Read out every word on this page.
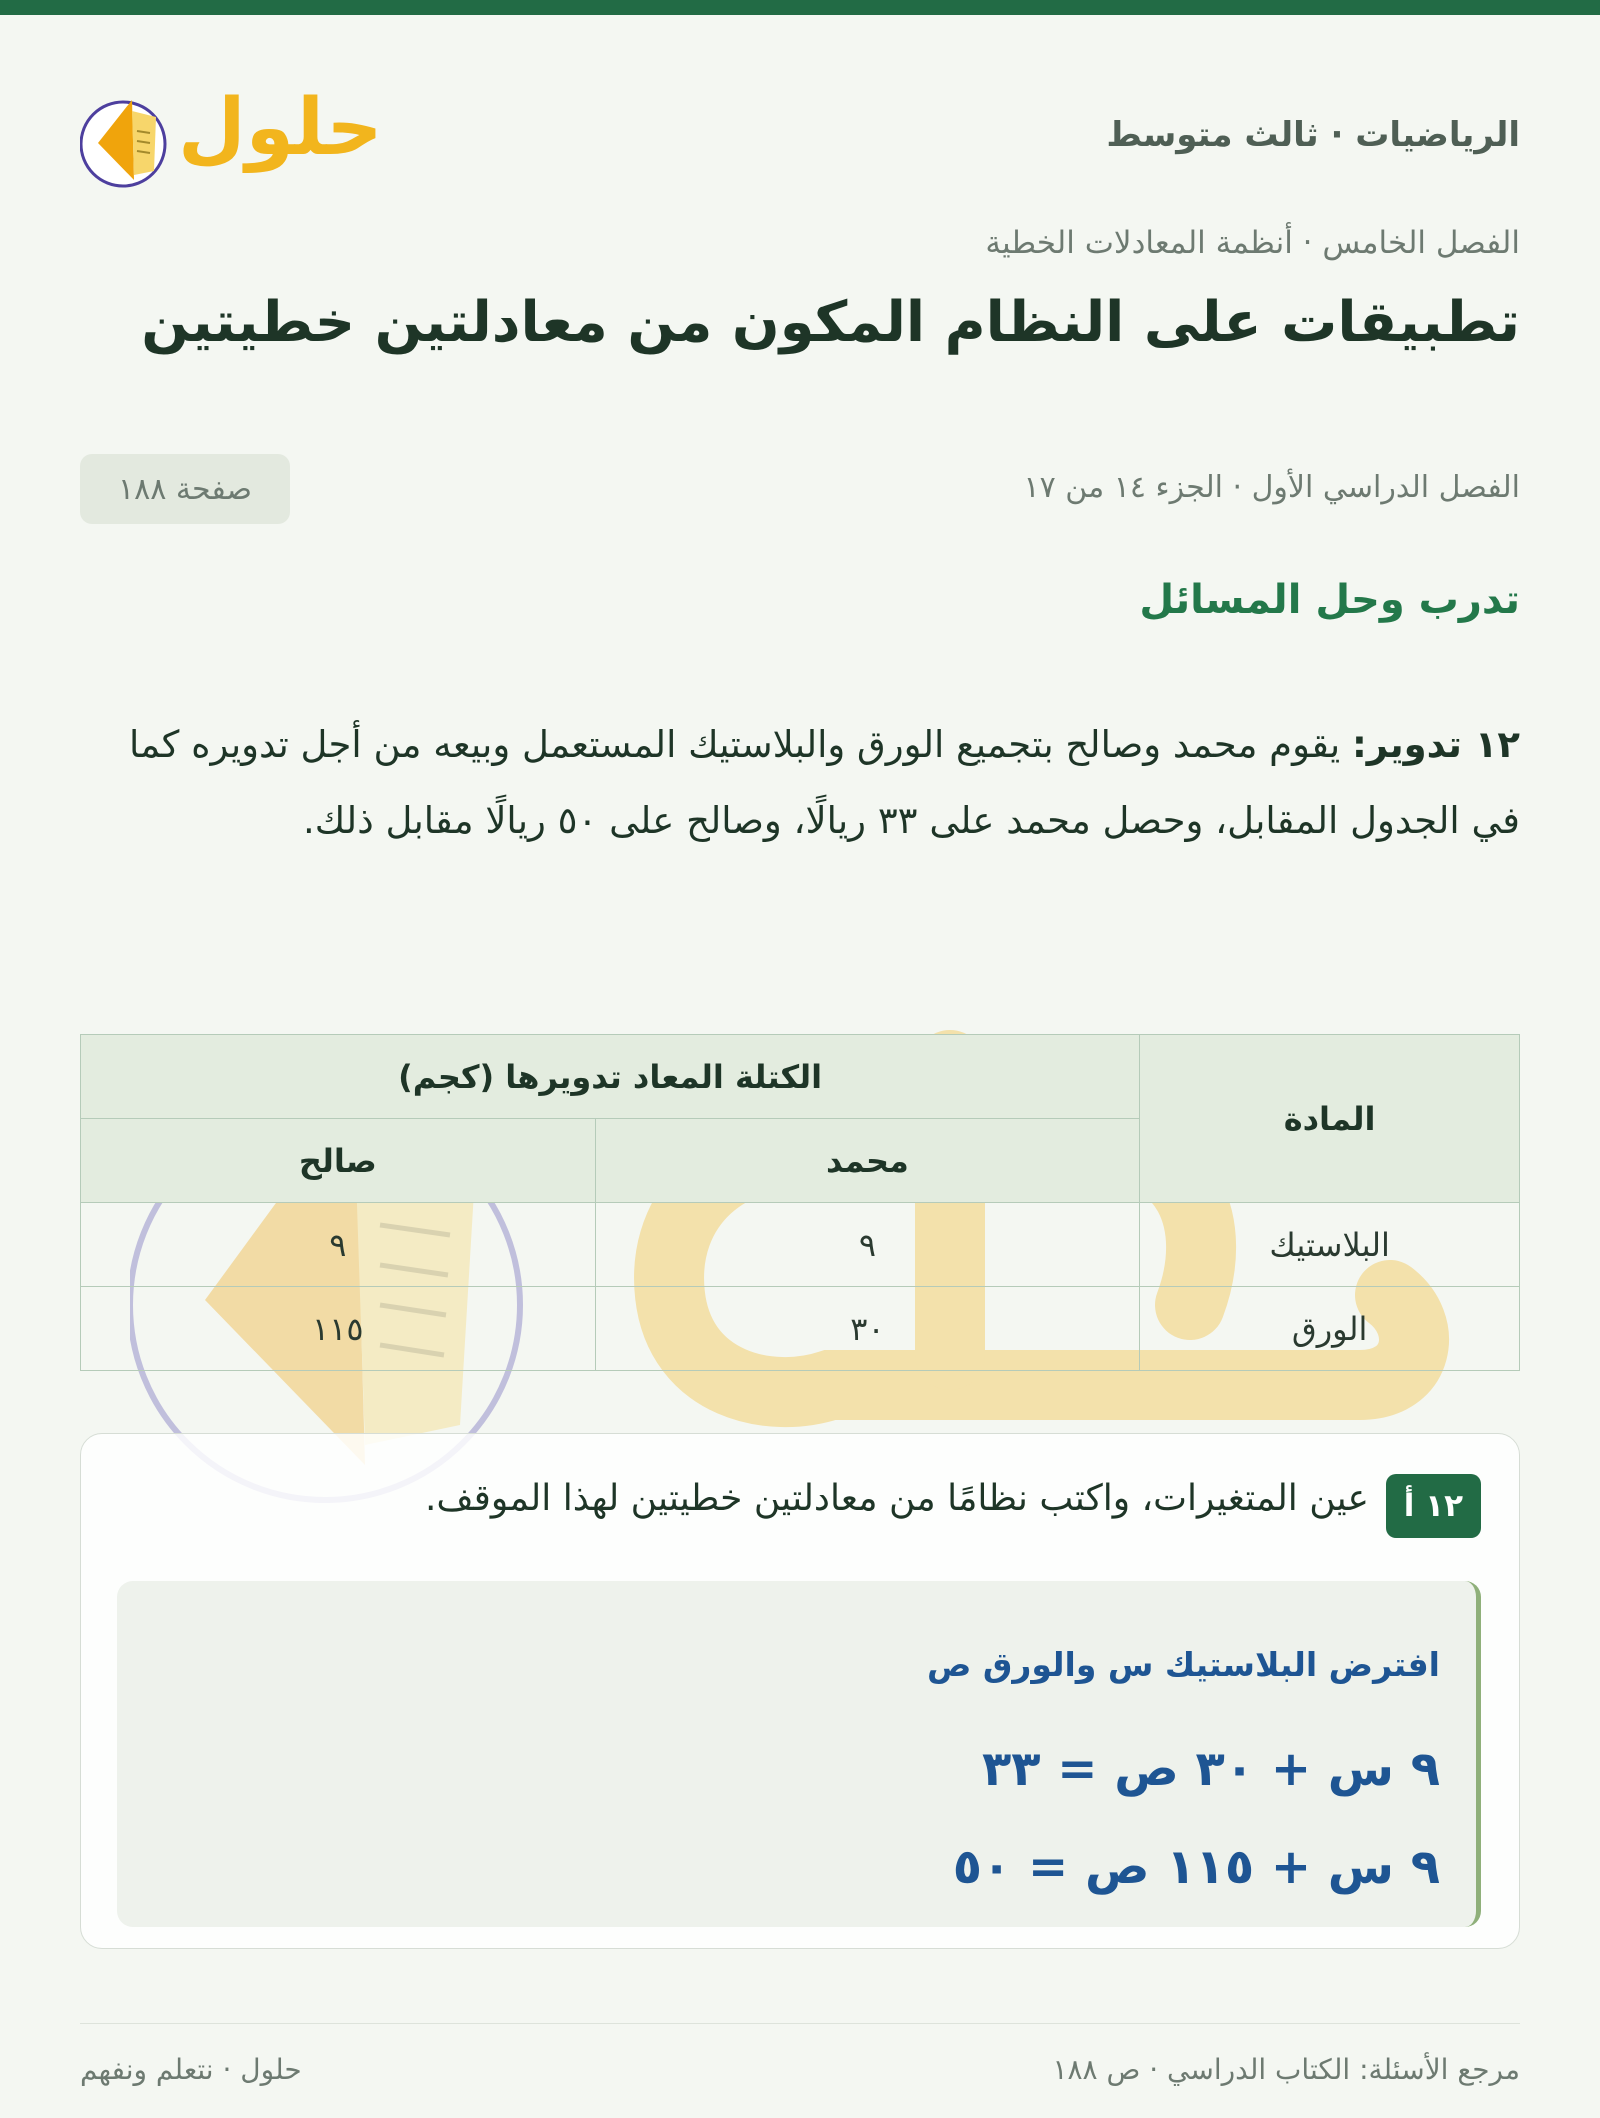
الرياضيات · ثالث متوسط
حلول
الفصل الخامس · أنظمة المعادلات الخطية
تطبيقات على النظام المكون من معادلتين خطيتين
الفصل الدراسي الأول · الجزء ١٤ من ١٧
صفحة ١٨٨
تدرب وحل المسائل

١٢ تدوير: يقوم محمد وصالح بتجميع الورق والبلاستيك المستعمل وبيعه من أجل تدويره كما في الجدول المقابل، وحصل محمد على ٣٣ ريالًا، وصالح على ٥٠ ريالًا مقابل ذلك.

المادة	الكتلة المعاد تدويرها (كجم)	
	محمد	صالح
البلاستيك	٩	٩
الورق	٣٠	١١٥
١٢ أ
عين المتغيرات، واكتب نظامًا من معادلتين خطيتين لهذا الموقف.
افترض البلاستيك س والورق ص
٩ س + ٣٠ ص = ٣٣
٩ س + ١١٥ ص = ٥٠
مرجع الأسئلة: الكتاب الدراسي · ص ١٨٨
حلول · نتعلم ونفهم
